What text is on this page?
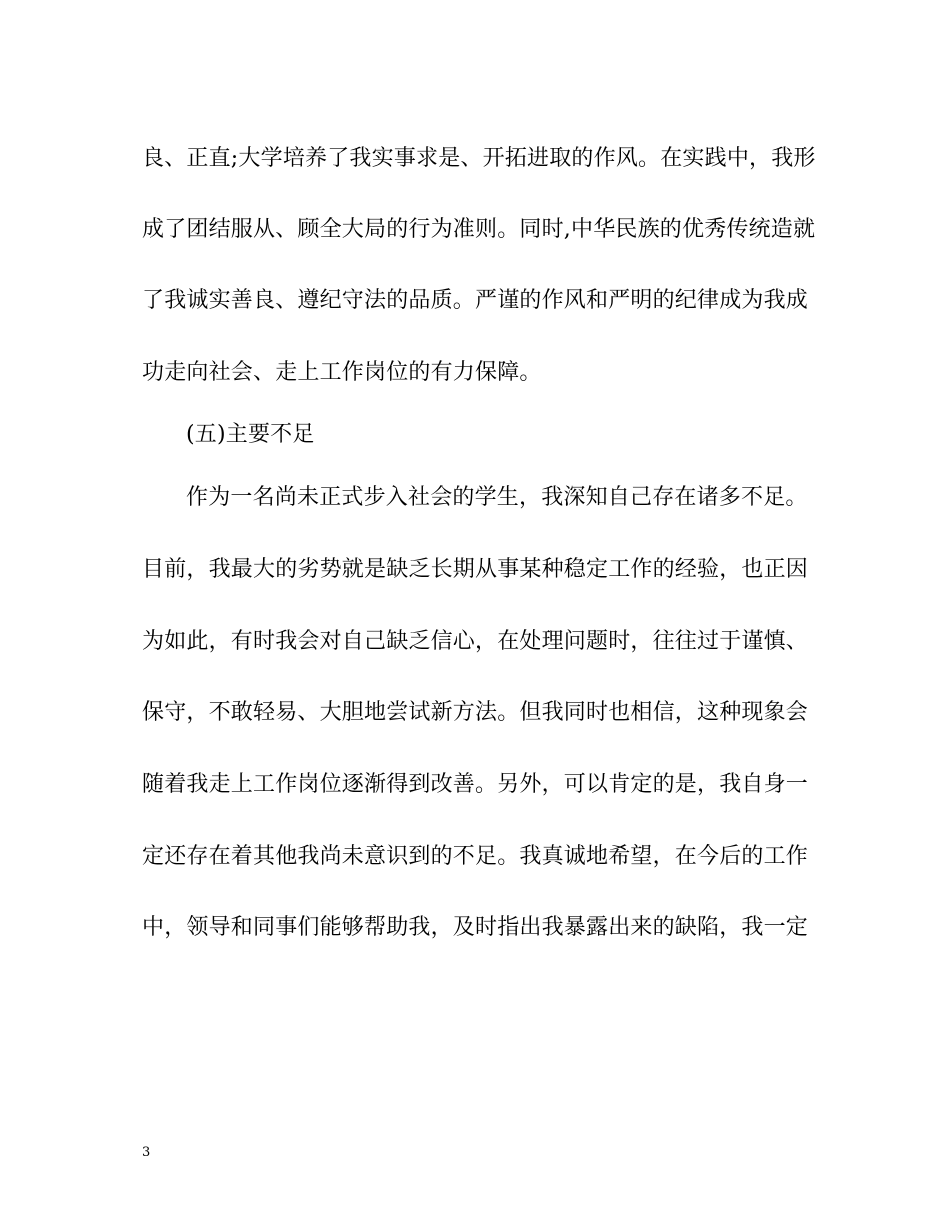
良、正直;大学培养了我实事求是、开拓进取的作风。在实践中，我形
成了团结服从、顾全大局的行为准则。同时,中华民族的优秀传统造就
了我诚实善良、遵纪守法的品质。严谨的作风和严明的纪律成为我成
功走向社会、走上工作岗位的有力保障。
(五)主要不足
作为一名尚未正式步入社会的学生，我深知自己存在诸多不足。
目前，我最大的劣势就是缺乏长期从事某种稳定工作的经验，也正因
为如此，有时我会对自己缺乏信心，在处理问题时，往往过于谨慎、
保守，不敢轻易、大胆地尝试新方法。但我同时也相信，这种现象会
随着我走上工作岗位逐渐得到改善。另外，可以肯定的是，我自身一
定还存在着其他我尚未意识到的不足。我真诚地希望，在今后的工作
中，领导和同事们能够帮助我，及时指出我暴露出来的缺陷，我一定
3
